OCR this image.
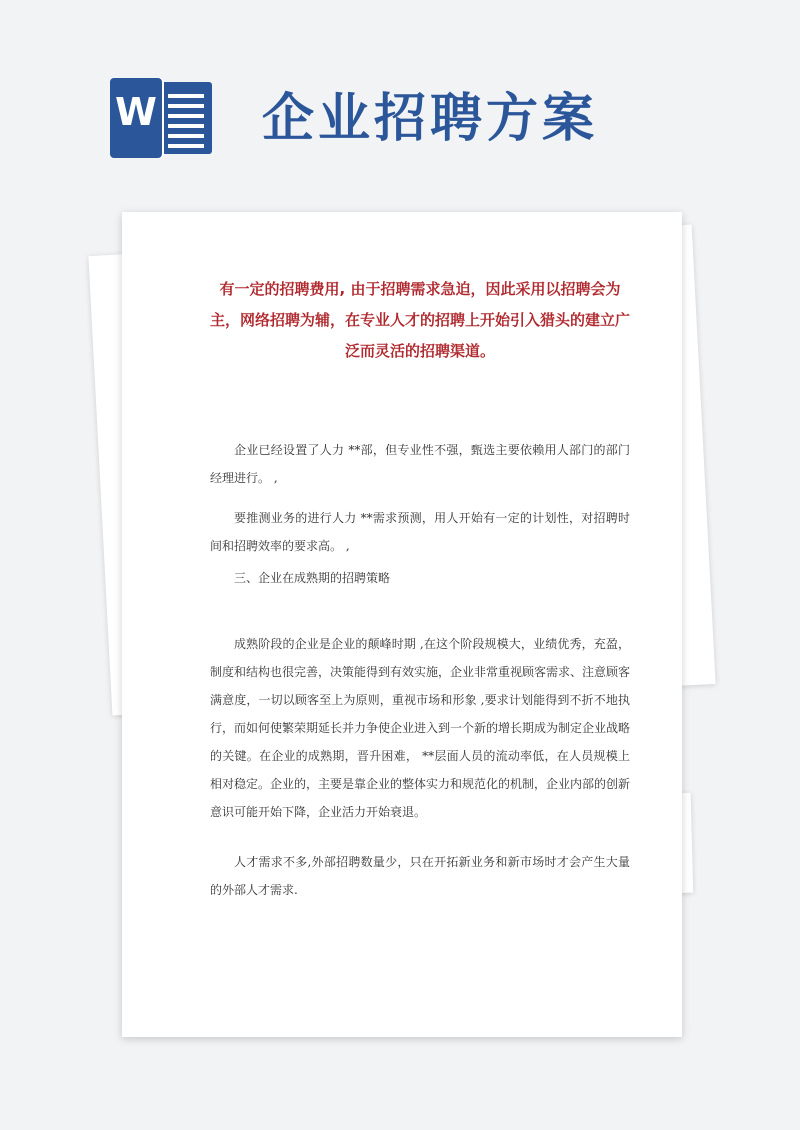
W 企业招聘方案

有一定的招聘费用, 由于招聘需求急迫，因此采用以招聘会为主，网络招聘为辅，在专业人才的招聘上开始引入猎头的建立广泛而灵活的招聘渠道。

企业已经设置了人力 **部，但专业性不强，甄选主要依赖用人部门的部门经理进行。 ,

要推测业务的进行人力 **需求预测，用人开始有一定的计划性，对招聘时间和招聘效率的要求高。 ,

三、企业在成熟期的招聘策略

成熟阶段的企业是企业的颠峰时期 ,在这个阶段规模大，业绩优秀，充盈，制度和结构也很完善，决策能得到有效实施，企业非常重视顾客需求、注意顾客满意度，一切以顾客至上为原则，重视市场和形象 ,要求计划能得到不折不地执行，而如何使繁荣期延长并力争使企业进入到一个新的增长期成为制定企业战略的关键。在企业的成熟期，晋升困难， **层面人员的流动率低，在人员规模上相对稳定。企业的，主要是靠企业的整体实力和规范化的机制，企业内部的创新意识可能开始下降，企业活力开始衰退。

人才需求不多,外部招聘数量少，只在开拓新业务和新市场时才会产生大量的外部人才需求.
